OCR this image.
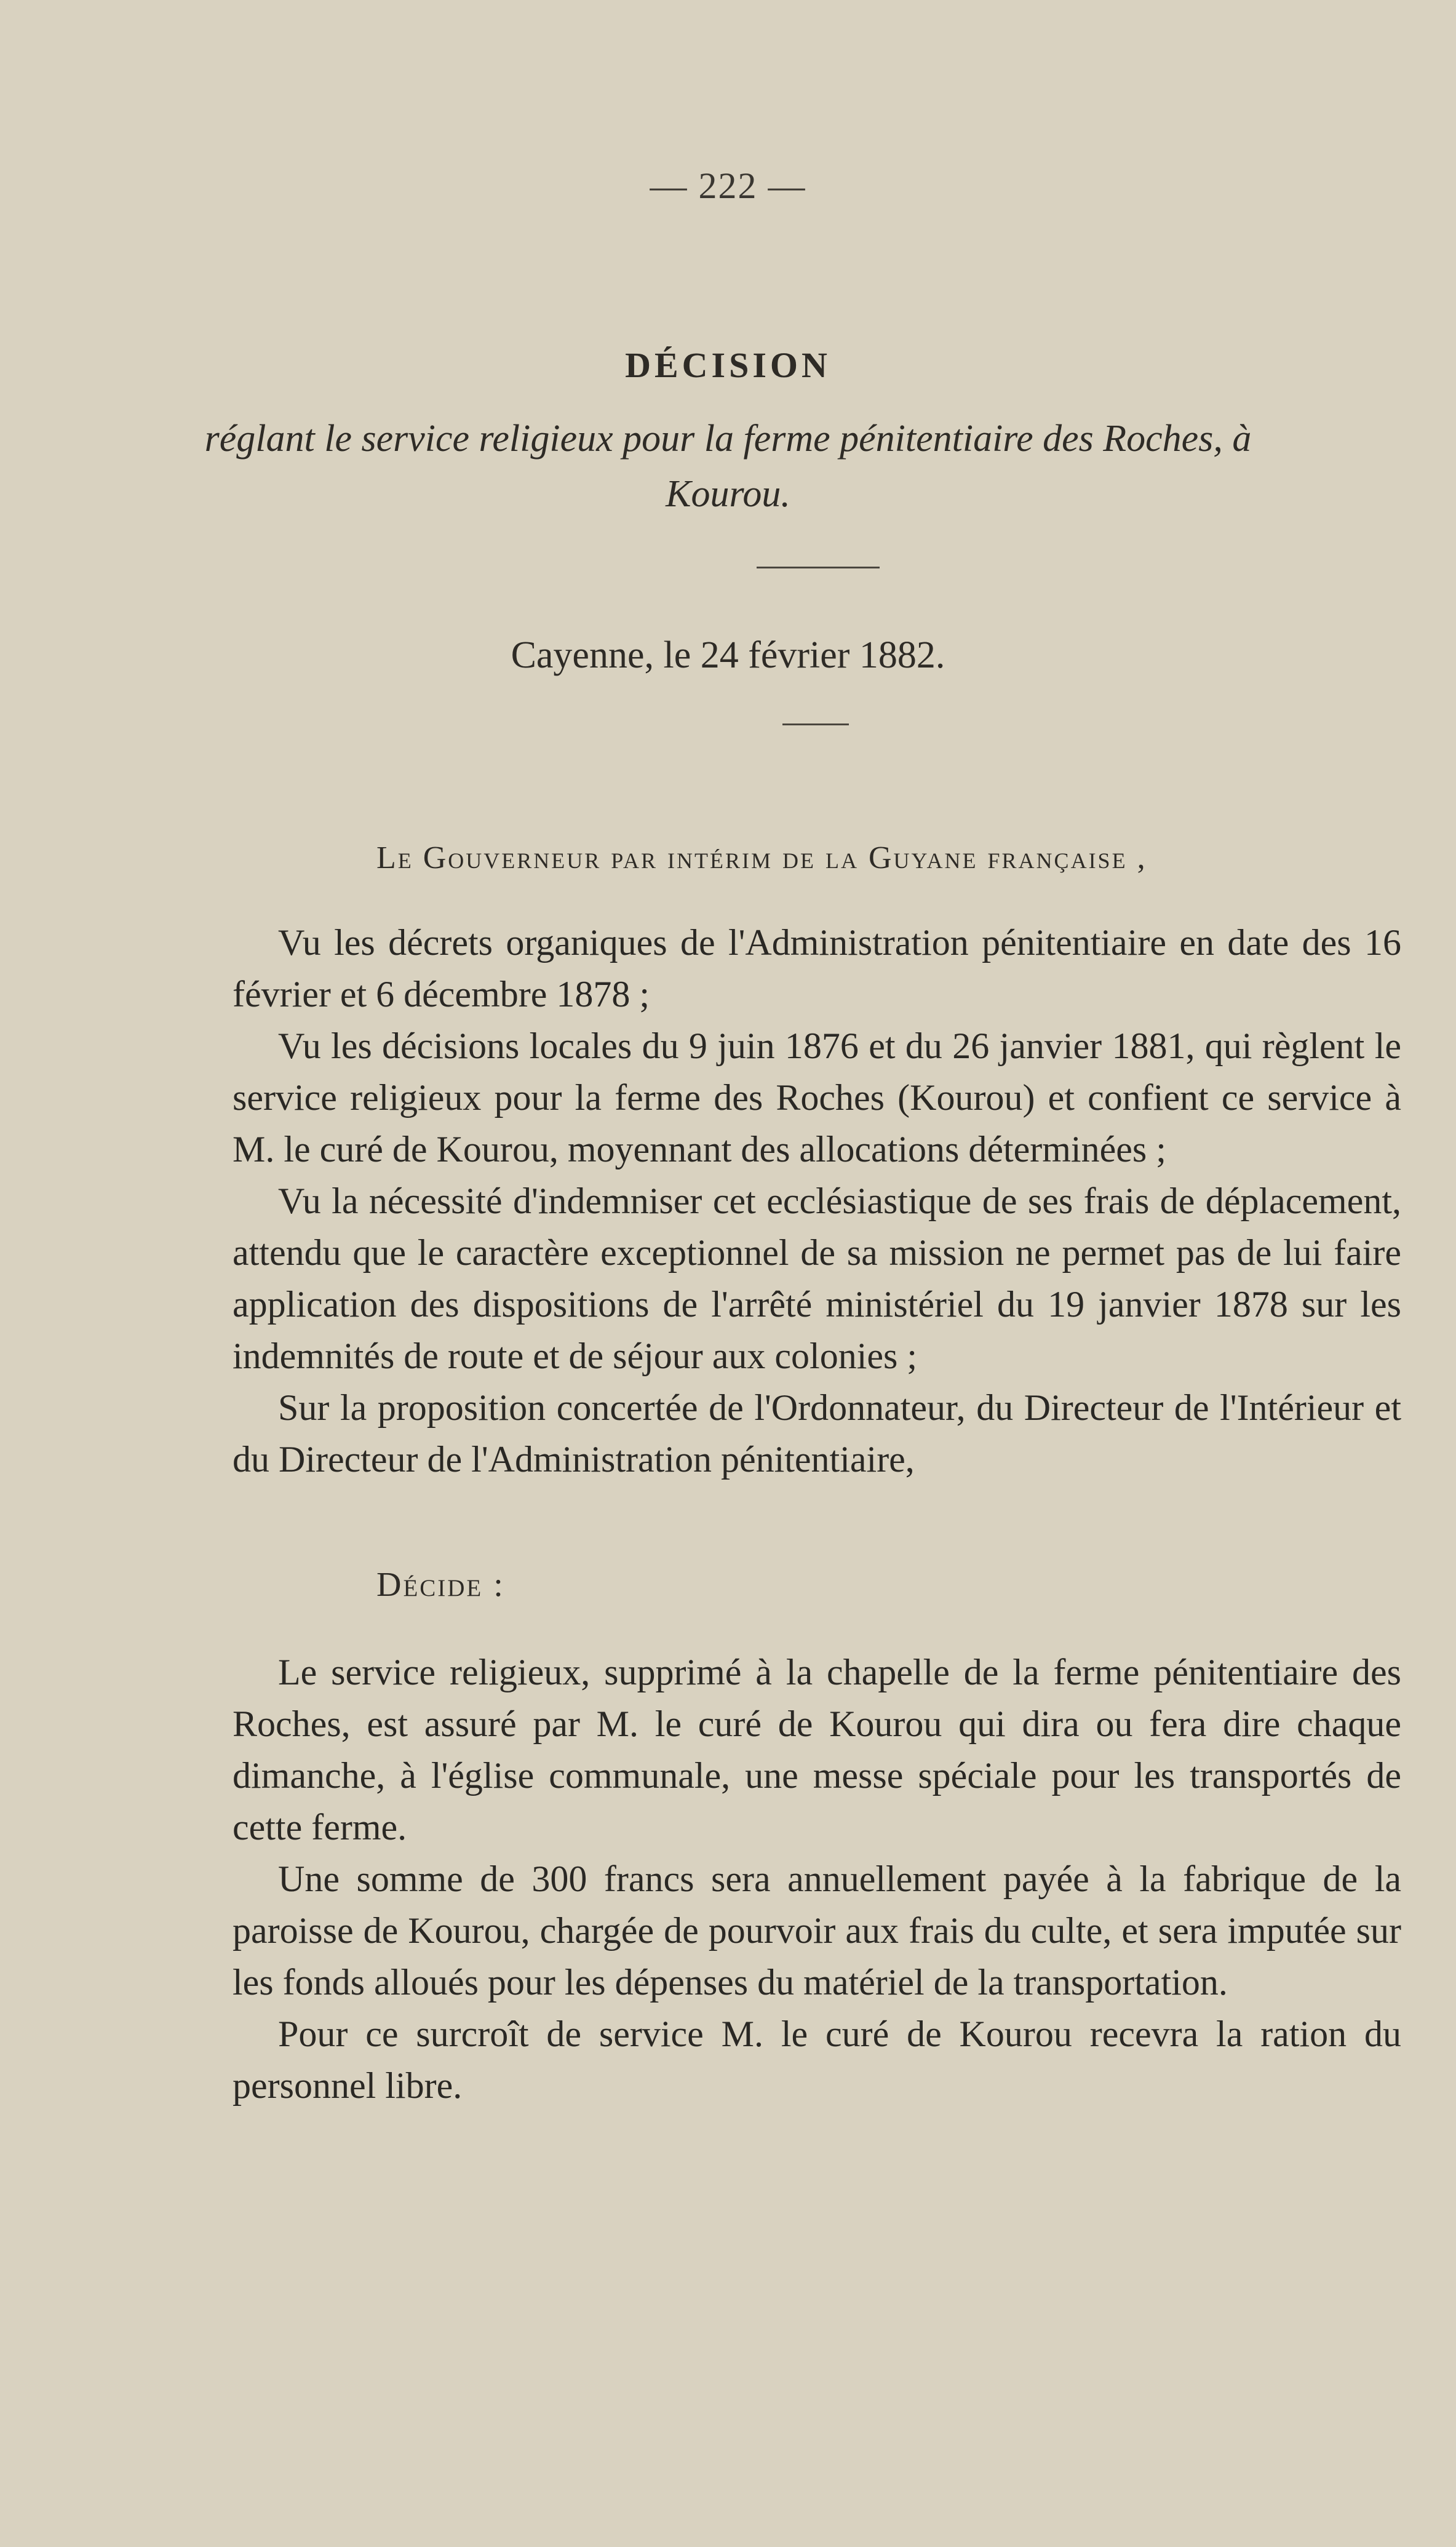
— 222 —
DÉCISION
réglant le service religieux pour la ferme pénitentiaire des Roches, à Kourou.
Cayenne, le 24 février 1882.
Le Gouverneur par intérim de la Guyane française ,

Vu les décrets organiques de l'Administration pénitentiaire en date des 16 février et 6 décembre 1878 ;

Vu les décisions locales du 9 juin 1876 et du 26 janvier 1881, qui règlent le service religieux pour la ferme des Roches (Kourou) et confient ce service à M. le curé de Kourou, moyennant des allocations déterminées ;

Vu la nécessité d'indemniser cet ecclésiastique de ses frais de déplacement, attendu que le caractère exceptionnel de sa mission ne permet pas de lui faire application des dispositions de l'arrêté ministériel du 19 janvier 1878 sur les indemnités de route et de séjour aux colonies ;

Sur la proposition concertée de l'Ordonnateur, du Directeur de l'Intérieur et du Directeur de l'Administration pénitentiaire,

Décide :

Le service religieux, supprimé à la chapelle de la ferme pénitentiaire des Roches, est assuré par M. le curé de Kourou qui dira ou fera dire chaque dimanche, à l'église communale, une messe spéciale pour les transportés de cette ferme.

Une somme de 300 francs sera annuellement payée à la fabrique de la paroisse de Kourou, chargée de pourvoir aux frais du culte, et sera imputée sur les fonds alloués pour les dépenses du matériel de la transportation.

Pour ce surcroît de service M. le curé de Kourou recevra la ration du personnel libre.
